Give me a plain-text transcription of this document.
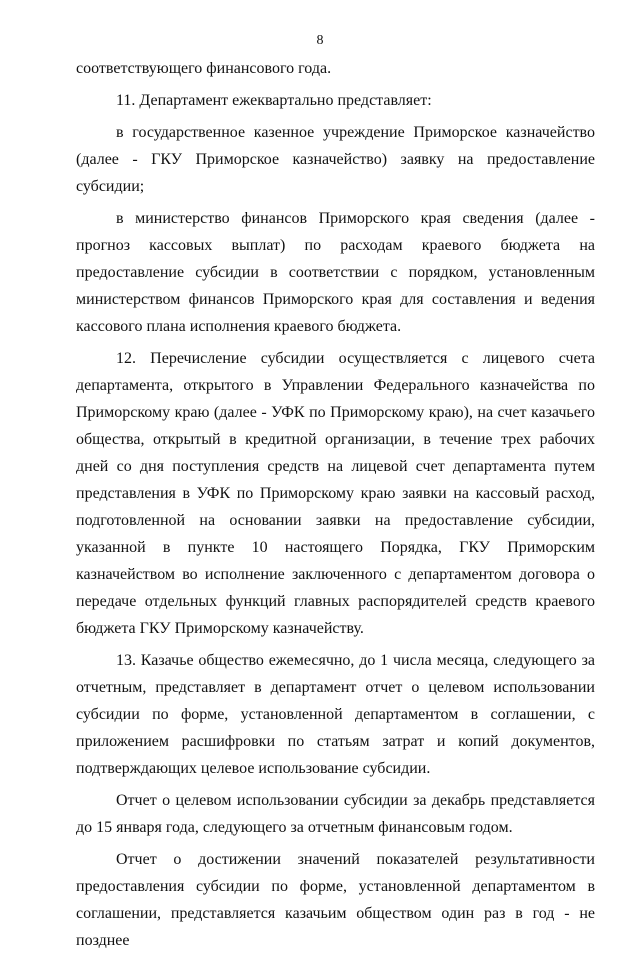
8

соответствующего финансового года.

11. Департамент ежеквартально представляет:

в государственное казенное учреждение Приморское казначейство (далее - ГКУ Приморское казначейство) заявку на предоставление субсидии;

в министерство финансов Приморского края сведения (далее - прогноз кассовых выплат) по расходам краевого бюджета на предоставление субсидии в соответствии с порядком, установленным министерством финансов Приморского края для составления и ведения кассового плана исполнения краевого бюджета.

12. Перечисление субсидии осуществляется с лицевого счета департамента, открытого в Управлении Федерального казначейства по Приморскому краю (далее - УФК по Приморскому краю), на счет казачьего общества, открытый в кредитной организации, в течение трех рабочих дней со дня поступления средств на лицевой счет департамента путем представления в УФК по Приморскому краю заявки на кассовый расход, подготовленной на основании заявки на предоставление субсидии, указанной в пункте 10 настоящего Порядка, ГКУ Приморским казначейством во исполнение заключенного с департаментом договора о передаче отдельных функций главных распорядителей средств краевого бюджета ГКУ Приморскому казначейству.

13. Казачье общество ежемесячно, до 1 числа месяца, следующего за отчетным, представляет в департамент отчет о целевом использовании субсидии по форме, установленной департаментом в соглашении, с приложением расшифровки по статьям затрат и копий документов, подтверждающих целевое использование субсидии.

Отчет о целевом использовании субсидии за декабрь представляется до 15 января года, следующего за отчетным финансовым годом.

Отчет о достижении значений показателей результативности предоставления субсидии по форме, установленной департаментом в соглашении, представляется казачьим обществом один раз в год - не позднее
